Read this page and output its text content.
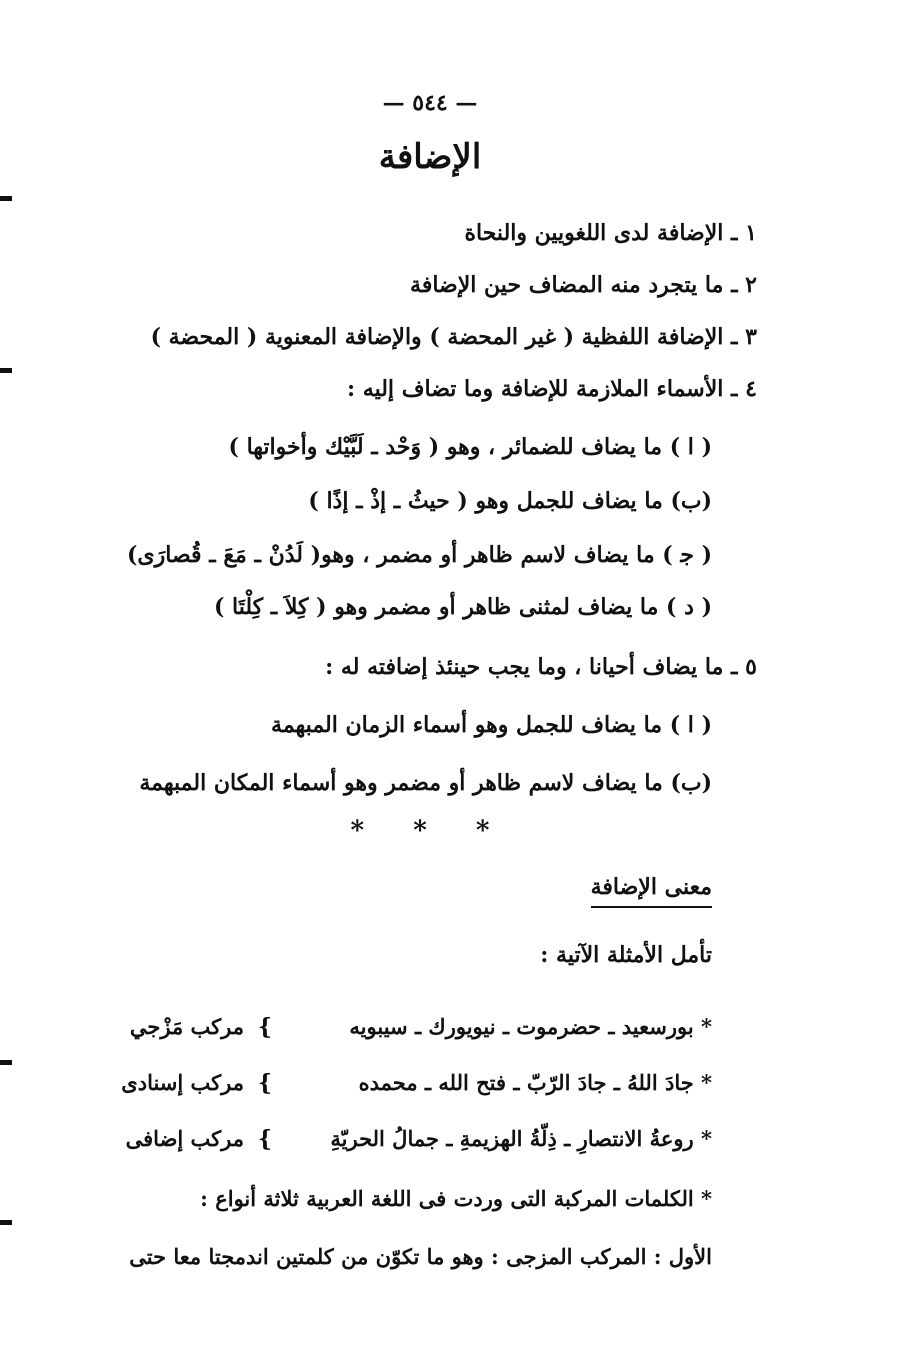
— ٥٤٤ —
الإضافة
١ ـ الإضافة لدى اللغويين والنحاة
٢ ـ ما يتجرد منه المضاف حين الإضافة
٣ ـ الإضافة اللفظية ( غير المحضة ) والإضافة المعنوية ( المحضة )
٤ ـ الأسماء الملازمة للإضافة وما تضاف إليه :
( ا ) ما يضاف للضمائر ، وهو ( وَحْد ـ لَبَّيْك وأخواتها )
(ب) ما يضاف للجمل وهو ( حيثُ ـ إذْ ـ إذًا )
( ﺟ ) ما يضاف لاسم ظاهر أو مضمر ، وهو( لَدُنْ ـ مَعَ ـ قُصارَى)
( د ) ما يضاف لمثنى ظاهر أو مضمر وهو ( كِلاَ ـ كِلْتَا )
٥ ـ ما يضاف أحيانا ، وما يجب حينئذ إضافته له :
( ا ) ما يضاف للجمل وهو أسماء الزمان المبهمة
(ب) ما يضاف لاسم ظاهر أو مضمر وهو أسماء المكان المبهمة
* * *
معنى الإضافة
تأمل الأمثلة الآتية :
* بورسعيد ـ حضرموت ـ نيويورك ـ سيبويه
}
مركب مَزْجي
* جادَ اللهُ ـ جادَ الرّبّ ـ فتح الله ـ محمده
}
مركب إسنادى
* روعةُ الانتصارِ ـ ذِلّةُ الهزيمةِ ـ جمالُ الحريّةِ
}
مركب إضافى
* الكلمات المركبة التى وردت فى اللغة العربية ثلاثة أنواع :
الأول : المركب المزجى : وهو ما تكوّن من كلمتين اندمجتا معا حتى
